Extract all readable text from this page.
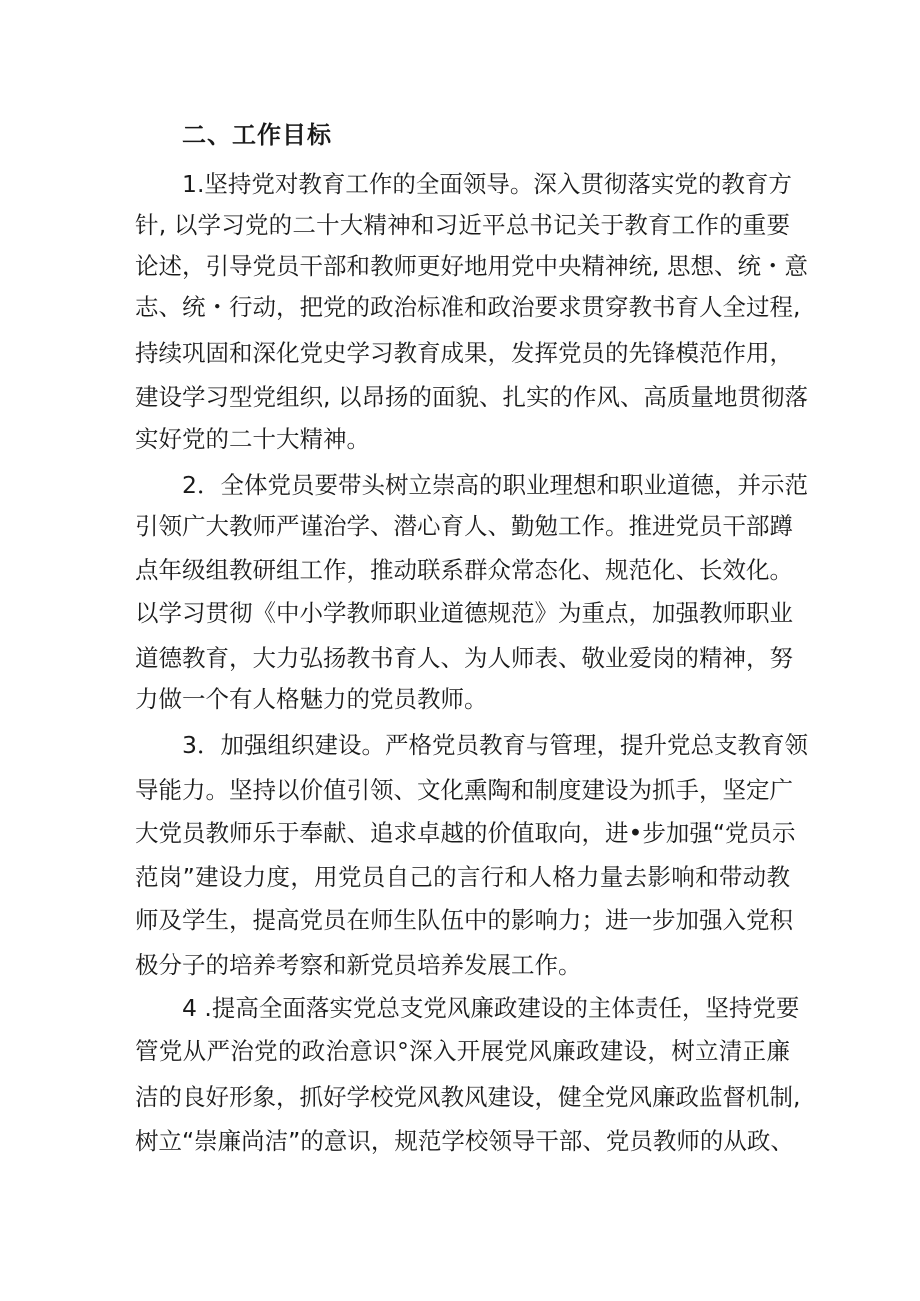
二、工作目标
1.坚持党对教育工作的全面领导。深入贯彻落实党的教育方
针, 以学习党的二十大精神和习近平总书记关于教育工作的重要
论述，引导党员干部和教师更好地用党中央精神统, 思想、统・意
志、统・行动，把党的政治标准和政治要求贯穿教书育人全过程,
持续巩固和深化党史学习教育成果，发挥党员的先锋模范作用，
建设学习型党组织, 以昂扬的面貌、扎实的作风、高质量地贯彻落
实好党的二十大精神。
2．全体党员要带头树立崇高的职业理想和职业道德，并示范
引领广大教师严谨治学、潜心育人、勤勉工作。推进党员干部蹲
点年级组教研组工作，推动联系群众常态化、规范化、长效化。
以学习贯彻《中小学教师职业道德规范》为重点，加强教师职业
道德教育，大力弘扬教书育人、为人师表、敬业爱岗的精神，努
力做一个有人格魅力的党员教师。
3．加强组织建设。严格党员教育与管理，提升党总支教育领
导能力。坚持以价值引领、文化熏陶和制度建设为抓手，坚定广
大党员教师乐于奉献、追求卓越的价值取向，进•步加强“党员示
范岗”建设力度，用党员自己的言行和人格力量去影响和带动教
师及学生，提高党员在师生队伍中的影响力；进一步加强入党积
极分子的培养考察和新党员培养发展工作。
4 .提高全面落实党总支党风廉政建设的主体责任，坚持党要
管党从严治党的政治意识°深入开展党风廉政建设，树立清正廉
洁的良好形象，抓好学校党风教风建设，健全党风廉政监督机制,
树立“崇廉尚洁”的意识，规范学校领导干部、党员教师的从政、
